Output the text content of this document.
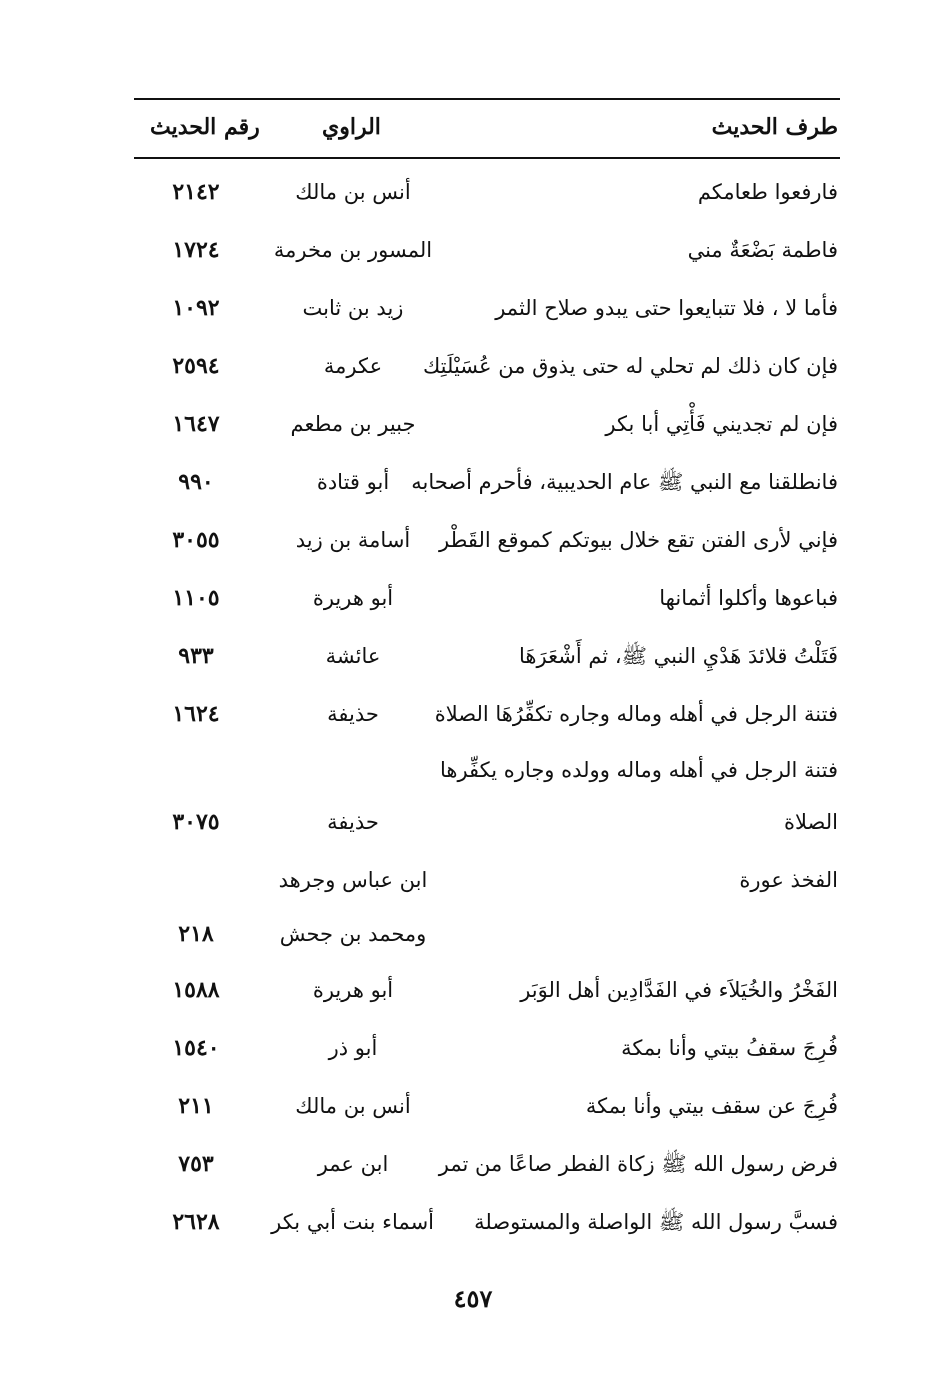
طرف الحديث
الراوي
رقم الحديث
فارفعوا طعامكم
أنس بن مالك
٢١٤٢
فاطمة بَضْعَةٌ مني
المسور بن مخرمة
١٧٢٤
فأما لا ، فلا تتبايعوا حتى يبدو صلاح الثمر
زيد بن ثابت
١٠٩٢
فإن كان ذلك لم تحلي له حتى يذوق من عُسَيْلَتِك
عكرمة
٢٥٩٤
فإن لم تجديني فَأْتِي أبا بكر
جبير بن مطعم
١٦٤٧
فانطلقنا مع النبي ﷺ عام الحديبية، فأحرم أصحابه
أبو قتادة
٩٩٠
فإني لأرى الفتن تقع خلال بيوتكم كموقع القَطْر
أسامة بن زيد
٣٠٥٥
فباعوها وأكلوا أثمانها
أبو هريرة
١١٠٥
فَتَلْتُ قلائدَ هَدْيِ النبي ﷺ، ثم أَشْعَرَهَا
عائشة
٩٣٣
فتنة الرجل في أهله وماله وجاره تكفِّرُهَا الصلاة
حذيفة
١٦٢٤
فتنة الرجل في أهله وماله وولده وجاره يكفِّرها
الصلاة
حذيفة
٣٠٧٥
الفخذ عورة
ابن عباس وجرهد
ومحمد بن جحش
٢١٨
الفَخْرُ والخُيَلاَء في الفَدَّادِين أهل الوَبَر
أبو هريرة
١٥٨٨
فُرِجَ سقفُ بيتي وأنا بمكة
أبو ذر
١٥٤٠
فُرِجَ عن سقف بيتي وأنا بمكة
أنس بن مالك
٢١١
فرض رسول الله ﷺ زكاة الفطر صاعًا من تمر
ابن عمر
٧٥٣
فسبَّ رسول الله ﷺ الواصلة والمستوصلة
أسماء بنت أبي بكر
٢٦٢٨
٤٥٧
